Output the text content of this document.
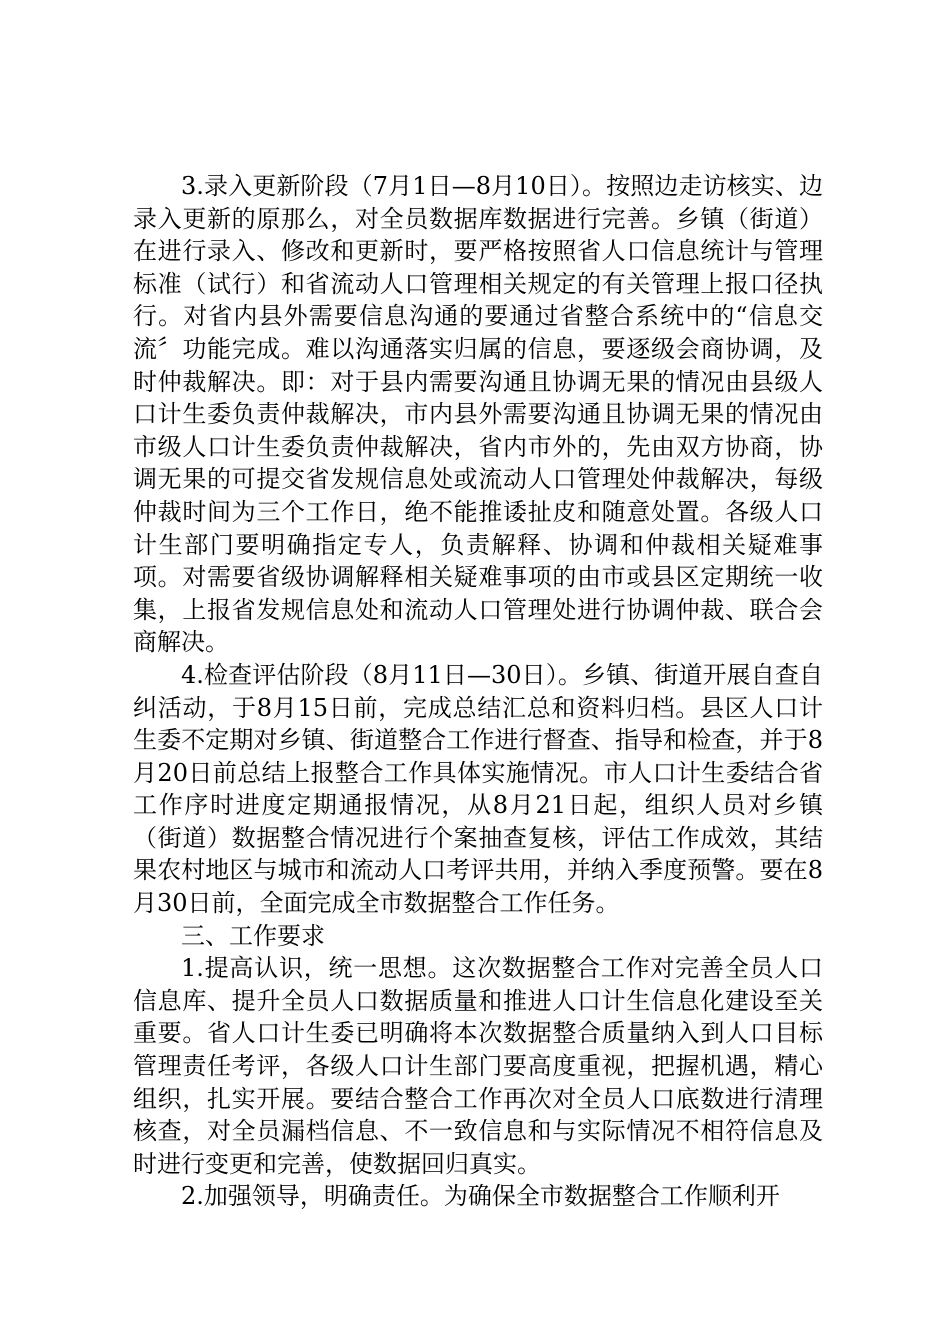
3.录入更新阶段（7月1日—8月10日）。按照边走访核实、边录入更新的原那么，对全员数据库数据进行完善。乡镇（街道）在进行录入、修改和更新时，要严格按照省人口信息统计与管理标准（试行）和省流动人口管理相关规定的有关管理上报口径执行。对省内县外需要信息沟通的要通过省整合系统中的“信息交流〞功能完成。难以沟通落实归属的信息，要逐级会商协调，及时仲裁解决。即：对于县内需要沟通且协调无果的情况由县级人口计生委负责仲裁解决，市内县外需要沟通且协调无果的情况由市级人口计生委负责仲裁解决，省内市外的，先由双方协商，协调无果的可提交省发规信息处或流动人口管理处仲裁解决，每级仲裁时间为三个工作日，绝不能推诿扯皮和随意处置。各级人口计生部门要明确指定专人，负责解释、协调和仲裁相关疑难事项。对需要省级协调解释相关疑难事项的由市或县区定期统一收集，上报省发规信息处和流动人口管理处进行协调仲裁、联合会商解决。

4.检查评估阶段（8月11日—30日）。乡镇、街道开展自查自纠活动，于8月15日前，完成总结汇总和资料归档。县区人口计生委不定期对乡镇、街道整合工作进行督查、指导和检查，并于8月20日前总结上报整合工作具体实施情况。市人口计生委结合省工作序时进度定期通报情况，从8月21日起，组织人员对乡镇（街道）数据整合情况进行个案抽查复核，评估工作成效，其结果农村地区与城市和流动人口考评共用，并纳入季度预警。要在8月30日前，全面完成全市数据整合工作任务。

三、工作要求

1.提高认识，统一思想。这次数据整合工作对完善全员人口信息库、提升全员人口数据质量和推进人口计生信息化建设至关重要。省人口计生委已明确将本次数据整合质量纳入到人口目标管理责任考评，各级人口计生部门要高度重视，把握机遇，精心组织，扎实开展。要结合整合工作再次对全员人口底数进行清理核查，对全员漏档信息、不一致信息和与实际情况不相符信息及时进行变更和完善，使数据回归真实。

2.加强领导，明确责任。为确保全市数据整合工作顺利开
